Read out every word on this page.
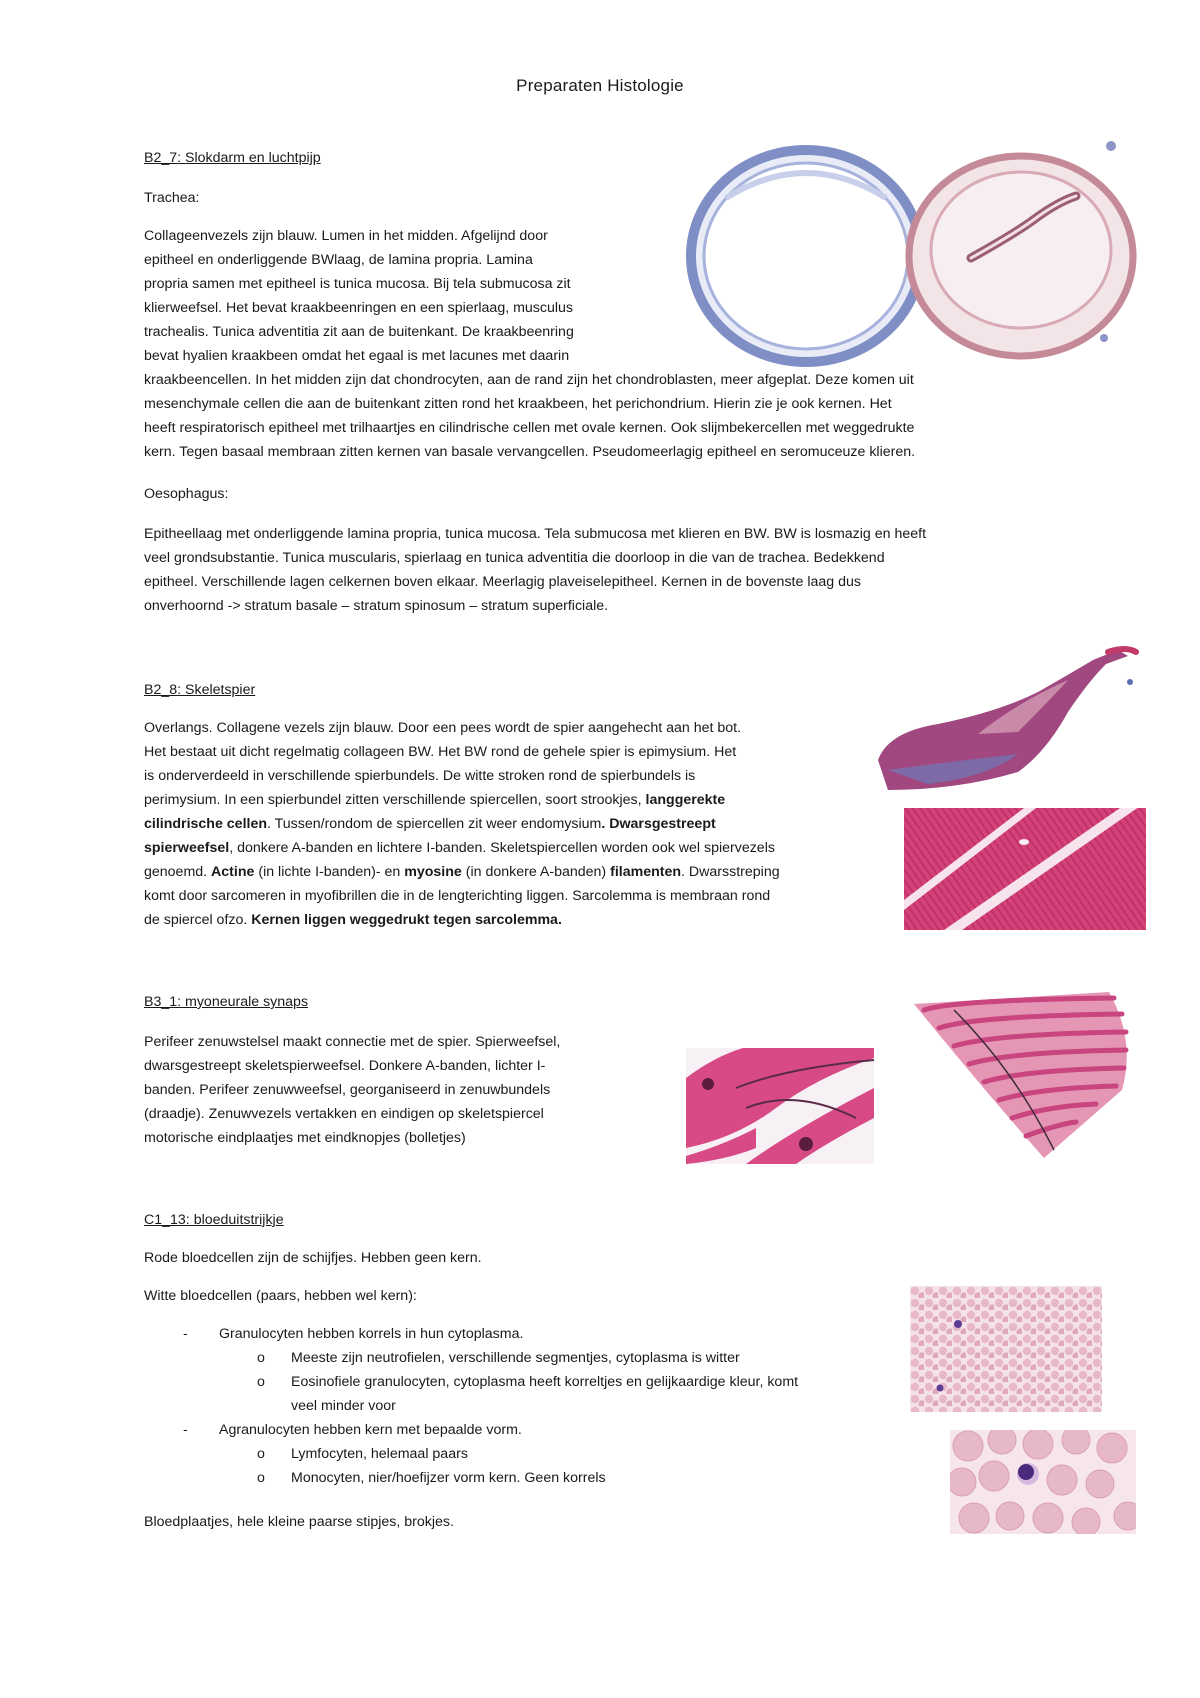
Preparaten Histologie

B2_7: Slokdarm en luchtpijp

Trachea:

Collageenvezels zijn blauw. Lumen in het midden. Afgelijnd door

epitheel en onderliggende BWlaag, de lamina propria. Lamina

propria samen met epitheel is tunica mucosa. Bij tela submucosa zit

klierweefsel. Het bevat kraakbeenringen en een spierlaag, musculus

trachealis. Tunica adventitia zit aan de buitenkant. De kraakbeenring

bevat hyalien kraakbeen omdat het egaal is met lacunes met daarin

kraakbeencellen. In het midden zijn dat chondrocyten, aan de rand zijn het chondroblasten, meer afgeplat. Deze komen uit

mesenchymale cellen die aan de buitenkant zitten rond het kraakbeen, het perichondrium. Hierin zie je ook kernen. Het

heeft respiratorisch epitheel met trilhaartjes en cilindrische cellen met ovale kernen. Ook slijmbekercellen met weggedrukte

kern. Tegen basaal membraan zitten kernen van basale vervangcellen. Pseudomeerlagig epitheel en seromuceuze klieren.

Oesophagus:

Epitheellaag met onderliggende lamina propria, tunica mucosa. Tela submucosa met klieren en BW. BW is losmazig en heeft

veel grondsubstantie. Tunica muscularis, spierlaag en tunica adventitia die doorloop in die van de trachea. Bedekkend

epitheel. Verschillende lagen celkernen boven elkaar. Meerlagig plaveiselepitheel. Kernen in de bovenste laag dus

onverhoornd -> stratum basale – stratum spinosum – stratum superficiale.

B2_8: Skeletspier

Overlangs. Collagene vezels zijn blauw. Door een pees wordt de spier aangehecht aan het bot.

Het bestaat uit dicht regelmatig collageen BW. Het BW rond de gehele spier is epimysium. Het

is onderverdeeld in verschillende spierbundels. De witte stroken rond de spierbundels is

perimysium. In een spierbundel zitten verschillende spiercellen, soort strookjes, langgerekte

cilindrische cellen. Tussen/rondom de spiercellen zit weer endomysium. Dwarsgestreept

spierweefsel, donkere A-banden en lichtere I-banden. Skeletspiercellen worden ook wel spiervezels

genoemd. Actine (in lichte I-banden)- en myosine (in donkere A-banden) filamenten. Dwarsstreping

komt door sarcomeren in myofibrillen die in de lengterichting liggen. Sarcolemma is membraan rond

de spiercel ofzo. Kernen liggen weggedrukt tegen sarcolemma.

B3_1: myoneurale synaps

Perifeer zenuwstelsel maakt connectie met de spier. Spierweefsel,

dwarsgestreept skeletspierweefsel. Donkere A-banden, lichter I-

banden. Perifeer zenuwweefsel, georganiseerd in zenuwbundels

(draadje). Zenuwvezels vertakken en eindigen op skeletspiercel

motorische eindplaatjes met eindknopjes (bolletjes)

C1_13: bloeduitstrijkje

Rode bloedcellen zijn de schijfjes. Hebben geen kern.

Witte bloedcellen (paars, hebben wel kern):

- Granulocyten hebben korrels in hun cytoplasma.
o Meeste zijn neutrofielen, verschillende segmentjes, cytoplasma is witter
o Eosinofiele granulocyten, cytoplasma heeft korreltjes en gelijkaardige kleur, komt
veel minder voor
- Agranulocyten hebben kern met bepaalde vorm.
o Lymfocyten, helemaal paars
o Monocyten, nier/hoefijzer vorm kern. Geen korrels

Bloedplaatjes, hele kleine paarse stipjes, brokjes.
